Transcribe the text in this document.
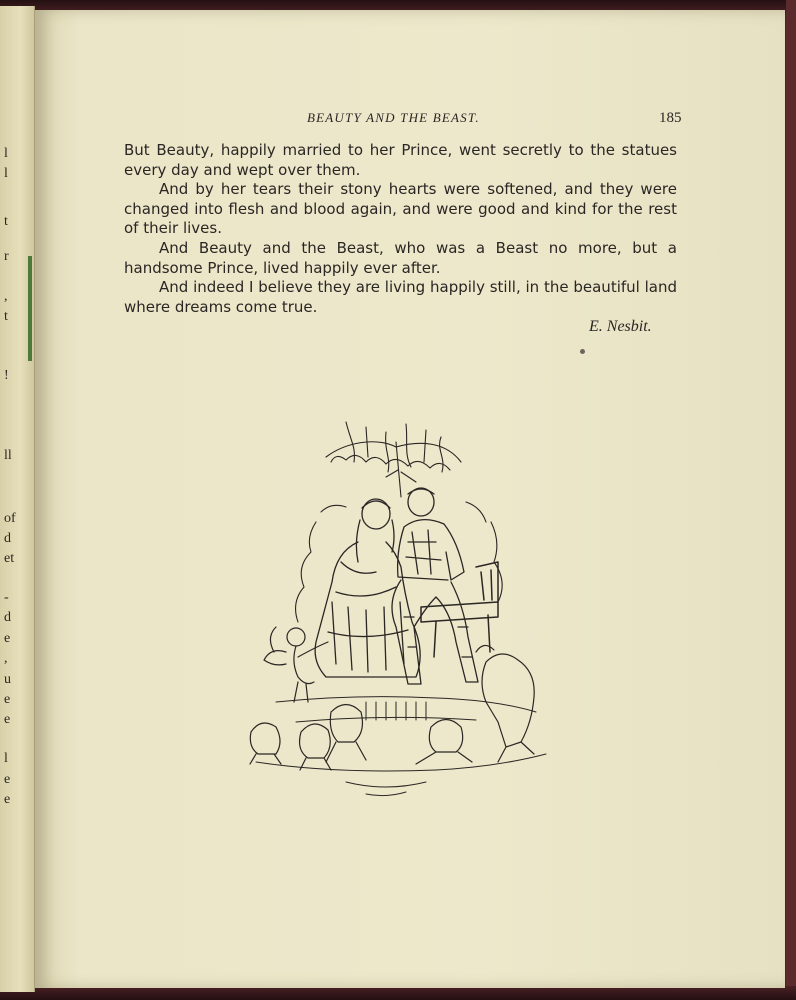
l
l
t
r
,
t
!
ll
of
d
et
-
d
e
,
u
e
e
l
e
e
BEAUTY AND THE BEAST.	185

But Beauty, happily married to her Prince, went secretly to the statues every day and wept over them.

And by her tears their stony hearts were softened, and they were changed into flesh and blood again, and were good and kind for the rest of their lives.

And Beauty and the Beast, who was a Beast no more, but a handsome Prince, lived happily ever after.

And indeed I believe they are living happily still, in the beautiful land where dreams come true.

E. Nesbit.
